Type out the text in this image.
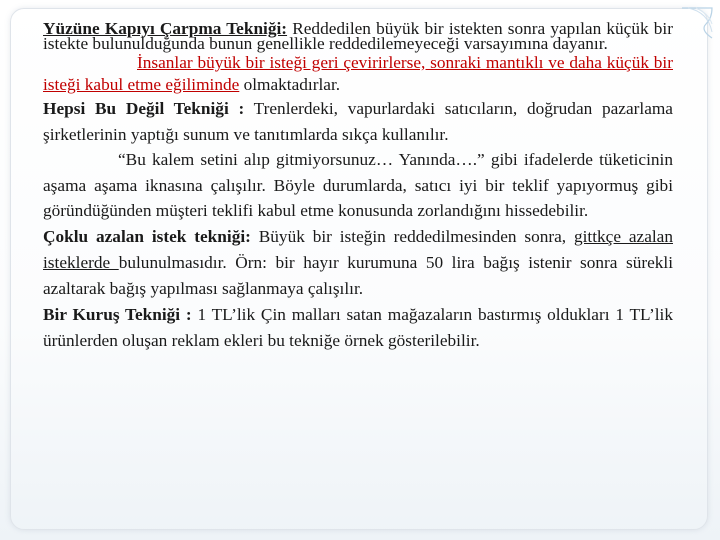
Yüzüne Kapıyı Çarpma Tekniği: Reddedilen büyük bir istekten sonra yapılan küçük bir istekte bulunulduğunda bunun genellikle reddedilemeyeceği varsayımına dayanır.

İnsanlar büyük bir isteği geri çevirirlerse, sonraki mantıklı ve daha küçük bir isteği kabul etme eğiliminde olmaktadırlar.

Hepsi Bu Değil Tekniği : Trenlerdeki, vapurlardaki satıcıların, doğrudan pazarlama şirketlerinin yaptığı sunum ve tanıtımlarda sıkça kullanılır.

“Bu kalem setini alıp gitmiyorsunuz… Yanında….” gibi ifadelerde tüketicinin aşama aşama iknasına çalışılır. Böyle durumlarda, satıcı iyi bir teklif yapıyormuş gibi göründüğünden müşteri teklifi kabul etme konusunda zorlandığını hissedebilir.

Çoklu azalan istek tekniği: Büyük bir isteğin reddedilmesinden sonra, gittkçe azalan isteklerde bulunulmasıdır. Örn: bir hayır kurumuna 50 lira bağış istenir sonra sürekli azaltarak bağış yapılması sağlanmaya çalışılır.

Bir Kuruş Tekniği : 1 TL’lik Çin malları satan mağazaların bastırmış oldukları 1 TL’lik ürünlerden oluşan reklam ekleri bu tekniğe örnek gösterilebilir.
